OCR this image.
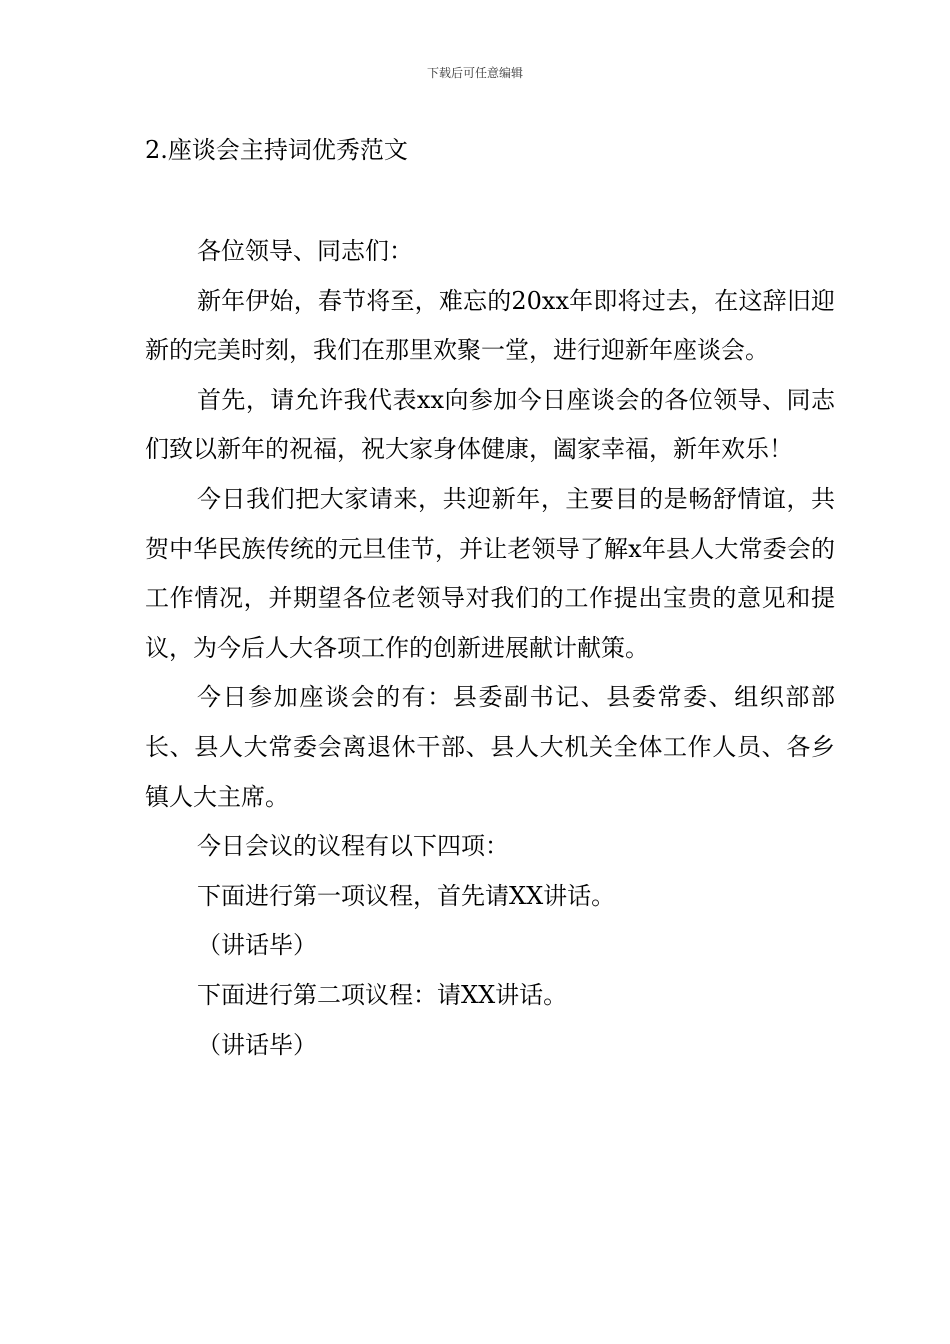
下载后可任意编辑
2.座谈会主持词优秀范文

各位领导、同志们：

新年伊始，春节将至，难忘的20xx年即将过去，在这辞旧迎新的完美时刻，我们在那里欢聚一堂，进行迎新年座谈会。

首先，请允许我代表xx向参加今日座谈会的各位领导、同志们致以新年的祝福，祝大家身体健康，阖家幸福，新年欢乐！

今日我们把大家请来，共迎新年，主要目的是畅舒情谊，共贺中华民族传统的元旦佳节，并让老领导了解x年县人大常委会的工作情况，并期望各位老领导对我们的工作提出宝贵的意见和提议，为今后人大各项工作的创新进展献计献策。

今日参加座谈会的有：县委副书记、县委常委、组织部部长、县人大常委会离退休干部、县人大机关全体工作人员、各乡镇人大主席。

今日会议的议程有以下四项：

下面进行第一项议程，首先请XX讲话。

（讲话毕）

下面进行第二项议程：请XX讲话。

（讲话毕）
